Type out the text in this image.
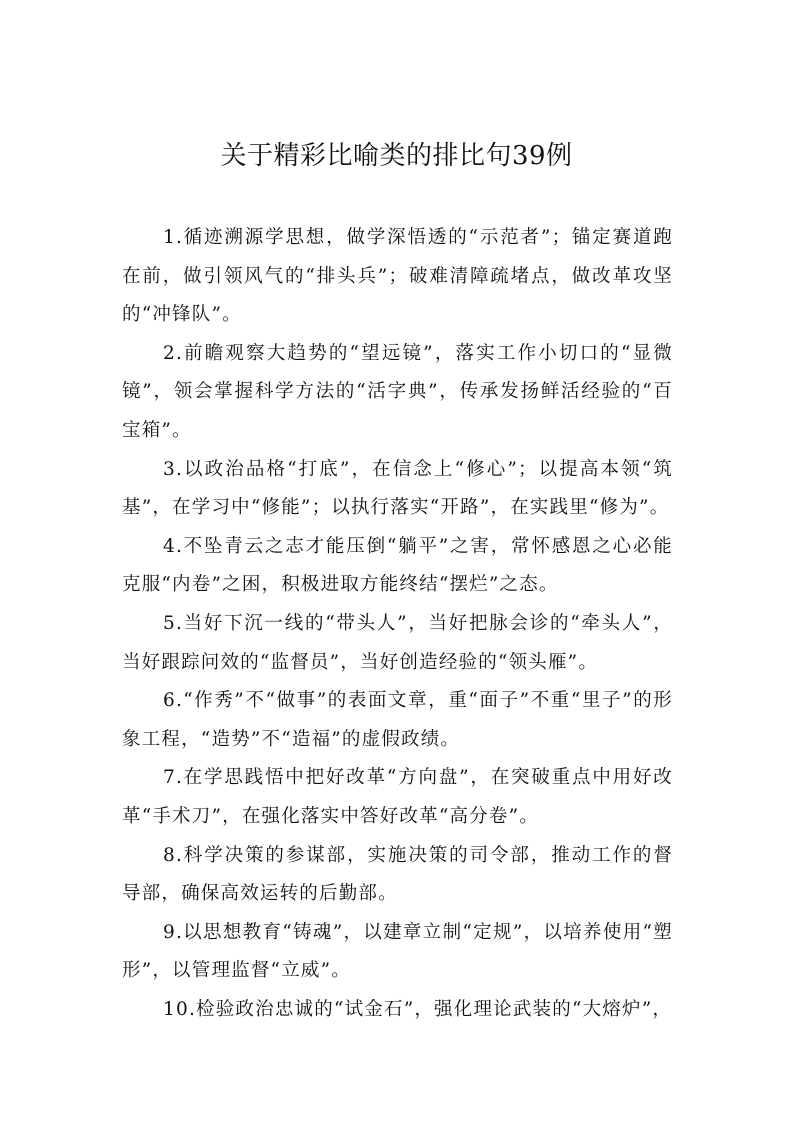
关于精彩比喻类的排比句39例

1.循迹溯源学思想，做学深悟透的“示范者”；锚定赛道跑在前，做引领风气的“排头兵”；破难清障疏堵点，做改革攻坚的“冲锋队”。

2.前瞻观察大趋势的“望远镜”，落实工作小切口的“显微镜”，领会掌握科学方法的“活字典”，传承发扬鲜活经验的“百宝箱”。

3.以政治品格“打底”，在信念上“修心”；以提高本领“筑基”，在学习中“修能”；以执行落实“开路”，在实践里“修为”。

4.不坠青云之志才能压倒“躺平”之害，常怀感恩之心必能克服“内卷”之困，积极进取方能终结“摆烂”之态。

5.当好下沉一线的“带头人”，当好把脉会诊的“牵头人”，当好跟踪问效的“监督员”，当好创造经验的“领头雁”。

6.“作秀”不“做事”的表面文章，重“面子”不重“里子”的形象工程，“造势”不“造福”的虚假政绩。

7.在学思践悟中把好改革“方向盘”，在突破重点中用好改革“手术刀”，在强化落实中答好改革“高分卷”。

8.科学决策的参谋部，实施决策的司令部，推动工作的督导部，确保高效运转的后勤部。

9.以思想教育“铸魂”，以建章立制“定规”，以培养使用“塑形”，以管理监督“立威”。

10.检验政治忠诚的“试金石”，强化理论武装的“大熔炉”，
